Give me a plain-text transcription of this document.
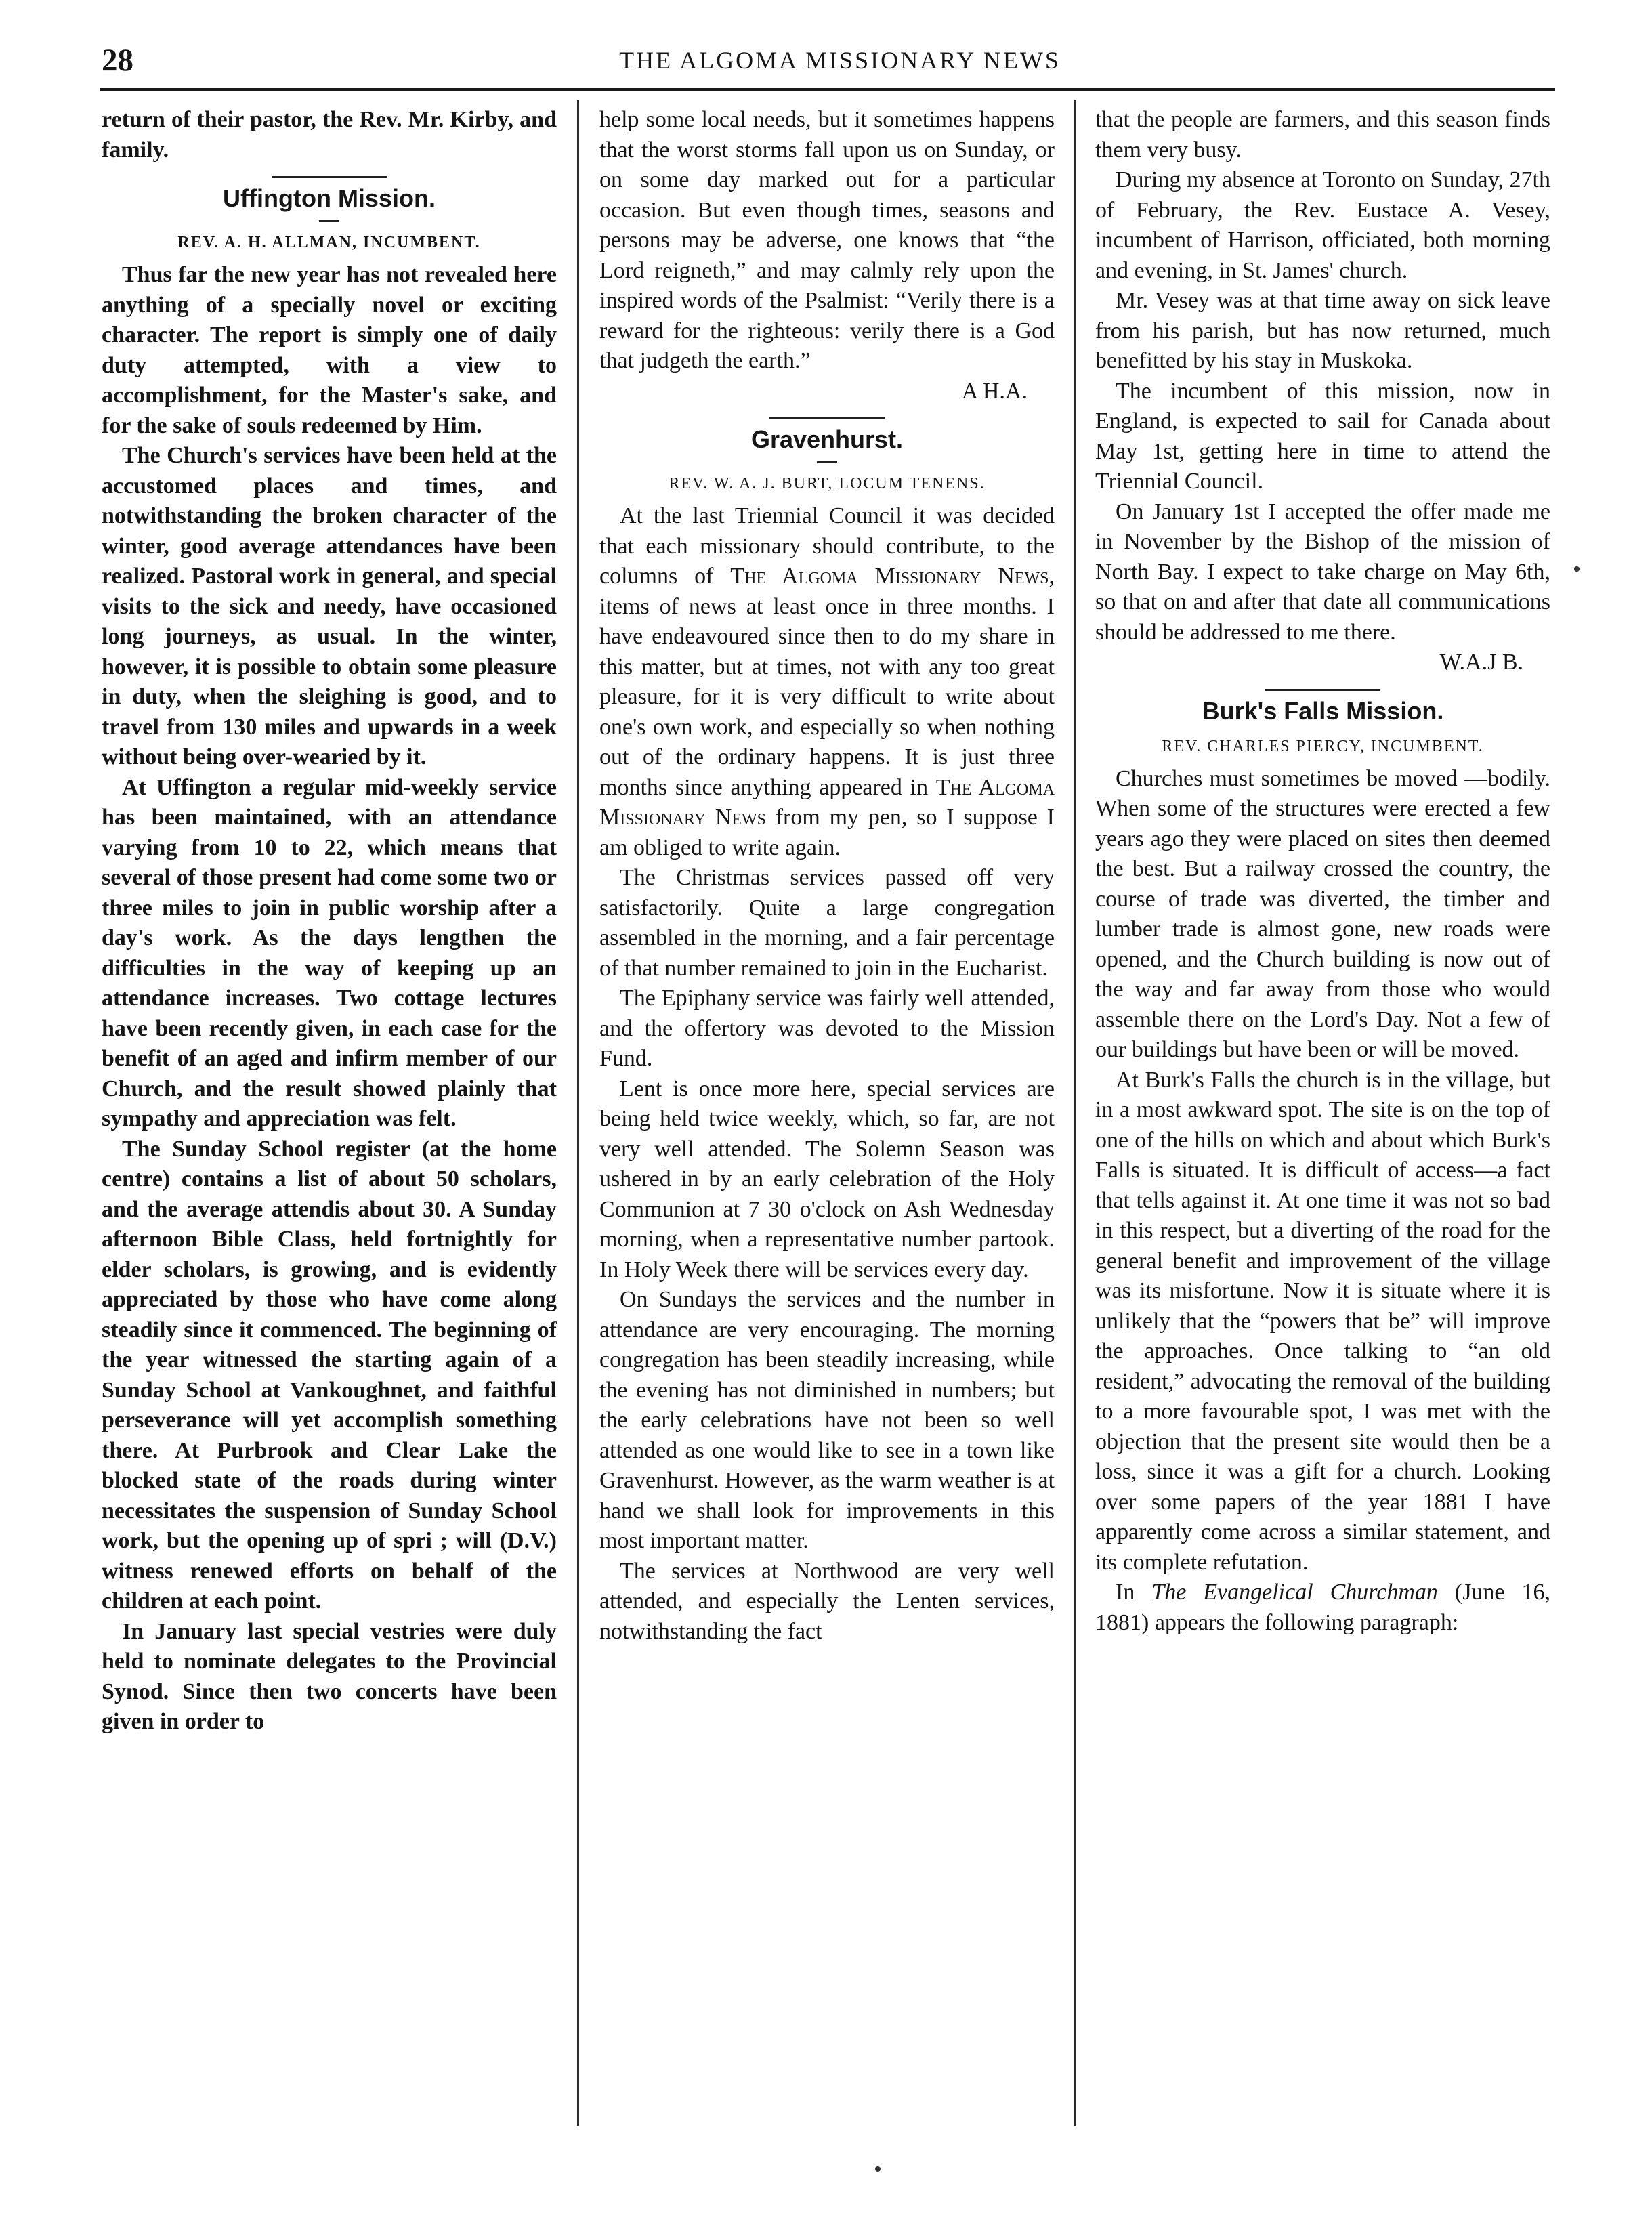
28	THE ALGOMA MISSIONARY NEWS

return of their pastor, the Rev. Mr. Kirby, and family.

Uffington Mission.
REV. A. H. ALLMAN, INCUMBENT.

Thus far the new year has not revealed here anything of a specially novel or exciting character. The report is simply one of daily duty attempted, with a view to accomplishment, for the Master's sake, and for the sake of souls redeemed by Him.

The Church's services have been held at the accustomed places and times, and notwithstanding the broken character of the winter, good average attendances have been realized. Pastoral work in general, and special visits to the sick and needy, have occasioned long journeys, as usual. In the winter, however, it is possible to obtain some pleasure in duty, when the sleighing is good, and to travel from 130 miles and upwards in a week without being over-wearied by it.

At Uffington a regular mid-weekly service has been maintained, with an attendance varying from 10 to 22, which means that several of those present had come some two or three miles to join in public worship after a day's work. As the days lengthen the difficulties in the way of keeping up an attendance increases. Two cottage lectures have been recently given, in each case for the benefit of an aged and infirm member of our Church, and the result showed plainly that sympathy and appreciation was felt.

The Sunday School register (at the home centre) contains a list of about 50 scholars, and the average attendis about 30. A Sunday afternoon Bible Class, held fortnightly for elder scholars, is growing, and is evidently appreciated by those who have come along steadily since it commenced. The beginning of the year witnessed the starting again of a Sunday School at Vankoughnet, and faithful perseverance will yet accomplish something there. At Purbrook and Clear Lake the blocked state of the roads during winter necessitates the suspension of Sunday School work, but the opening up of spri ; will (D.V.) witness renewed efforts on behalf of the children at each point.

In January last special vestries were duly held to nominate delegates to the Provincial Synod. Since then two concerts have been given in order to

help some local needs, but it sometimes happens that the worst storms fall upon us on Sunday, or on some day marked out for a particular occasion. But even though times, seasons and persons may be adverse, one knows that “the Lord reigneth,” and may calmly rely upon the inspired words of the Psalmist: “Verily there is a reward for the righteous: verily there is a God that judgeth the earth.”

A H.A.

Gravenhurst.
REV. W. A. J. BURT, LOCUM TENENS.

At the last Triennial Council it was decided that each missionary should contribute, to the columns of The Algoma Missionary News, items of news at least once in three months. I have endeavoured since then to do my share in this matter, but at times, not with any too great pleasure, for it is very difficult to write about one's own work, and especially so when nothing out of the ordinary happens. It is just three months since anything appeared in The Algoma Missionary News from my pen, so I suppose I am obliged to write again.

The Christmas services passed off very satisfactorily. Quite a large congregation assembled in the morning, and a fair percentage of that number remained to join in the Eucharist.

The Epiphany service was fairly well attended, and the offertory was devoted to the Mission Fund.

Lent is once more here, special services are being held twice weekly, which, so far, are not very well attended. The Solemn Season was ushered in by an early celebration of the Holy Communion at 7 30 o'clock on Ash Wednesday morning, when a representative number partook. In Holy Week there will be services every day.

On Sundays the services and the number in attendance are very encouraging. The morning congregation has been steadily increasing, while the evening has not diminished in numbers; but the early celebrations have not been so well attended as one would like to see in a town like Gravenhurst. However, as the warm weather is at hand we shall look for improvements in this most important matter.

The services at Northwood are very well attended, and especially the Lenten services, notwithstanding the fact

that the people are farmers, and this season finds them very busy.

During my absence at Toronto on Sunday, 27th of February, the Rev. Eustace A. Vesey, incumbent of Harrison, officiated, both morning and evening, in St. James' church.

Mr. Vesey was at that time away on sick leave from his parish, but has now returned, much benefitted by his stay in Muskoka.

The incumbent of this mission, now in England, is expected to sail for Canada about May 1st, getting here in time to attend the Triennial Council.

On January 1st I accepted the offer made me in November by the Bishop of the mission of North Bay. I expect to take charge on May 6th, so that on and after that date all communications should be addressed to me there.

W.A.J B.

Burk's Falls Mission.
REV. CHARLES PIERCY, INCUMBENT.

Churches must sometimes be moved —bodily. When some of the structures were erected a few years ago they were placed on sites then deemed the best. But a railway crossed the country, the course of trade was diverted, the timber and lumber trade is almost gone, new roads were opened, and the Church building is now out of the way and far away from those who would assemble there on the Lord's Day. Not a few of our buildings but have been or will be moved.

At Burk's Falls the church is in the village, but in a most awkward spot. The site is on the top of one of the hills on which and about which Burk's Falls is situated. It is difficult of access—a fact that tells against it. At one time it was not so bad in this respect, but a diverting of the road for the general benefit and improvement of the village was its misfortune. Now it is situate where it is unlikely that the “powers that be” will improve the approaches. Once talking to “an old resident,” advocating the removal of the building to a more favourable spot, I was met with the objection that the present site would then be a loss, since it was a gift for a church. Looking over some papers of the year 1881 I have apparently come across a similar statement, and its complete refutation.

In The Evangelical Churchman (June 16, 1881) appears the following paragraph:
